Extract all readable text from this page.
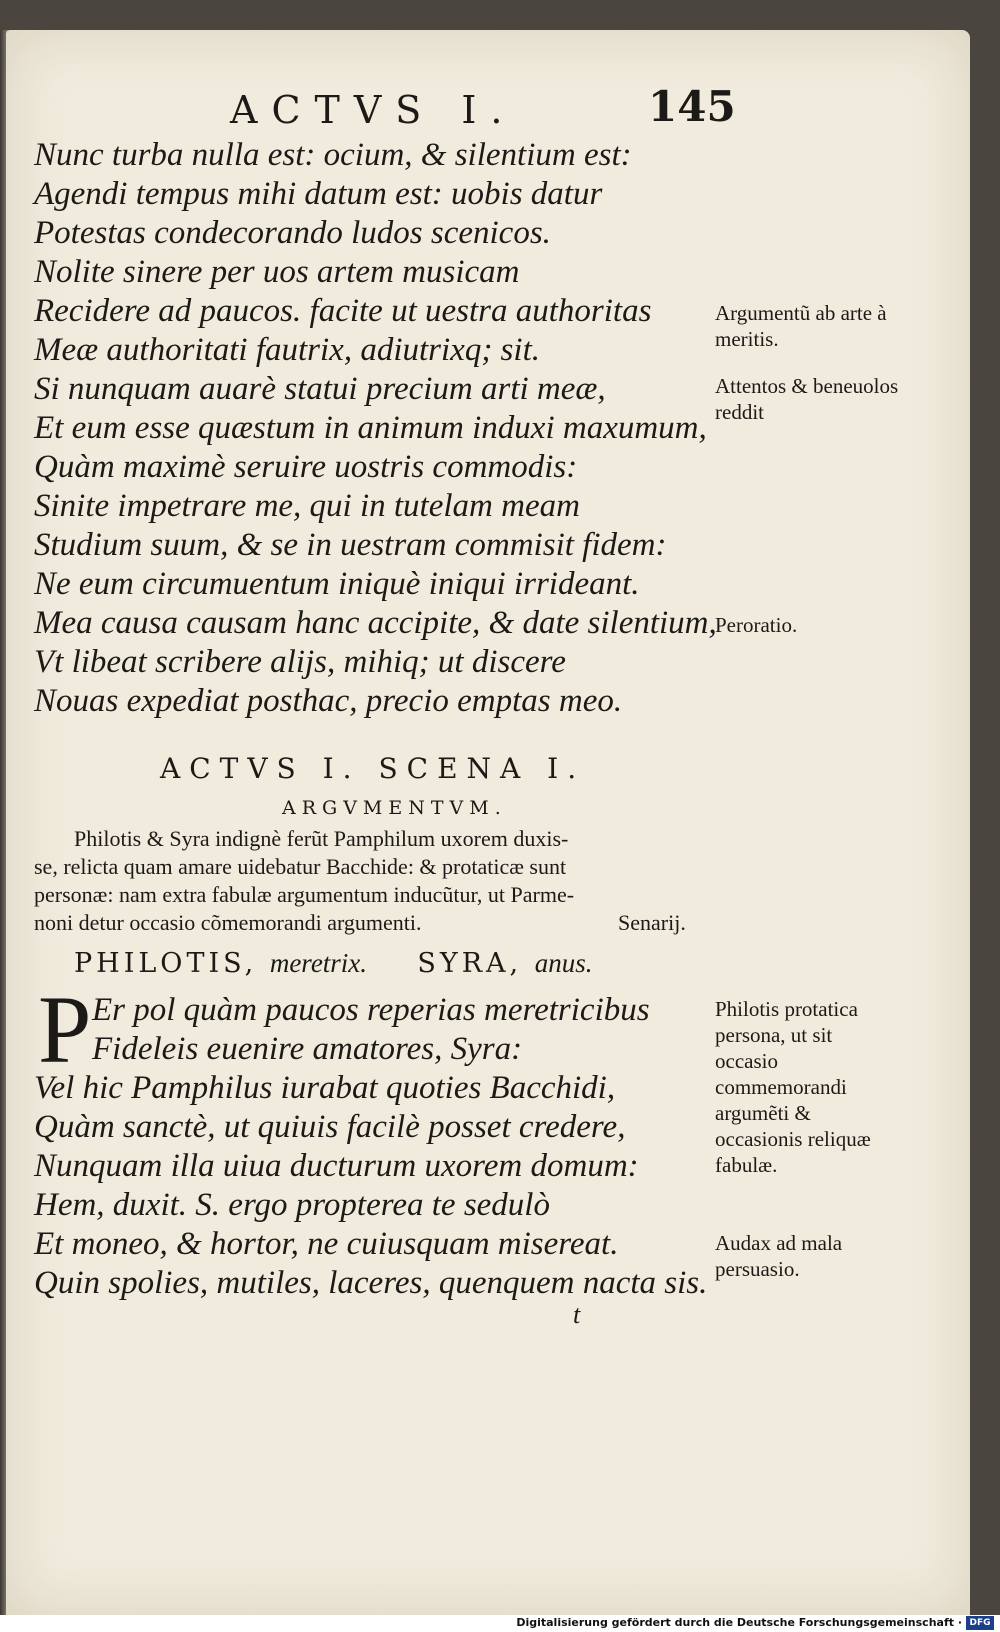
ACTVS I.	145
Nunc turba nulla est: ocium, & silentium est:
Agendi tempus mihi datum est: uobis datur
Potestas condecorando ludos scenicos.
Nolite sinere per uos artem musicam
Recidere ad paucos. facite ut uestra authoritas
Meæ authoritati fautrix, adiutrixq; sit.
Si nunquam auarè statui precium arti meæ,
Et eum esse quæstum in animum induxi maxumum,
Quàm maximè seruire uostris commodis:
Sinite impetrare me, qui in tutelam meam
Studium suum, & se in uestram commisit fidem:
Ne eum circumuentum iniquè iniqui irrideant.
Mea causa causam hanc accipite, & date silentium,
Vt libeat scribere alijs, mihiq; ut discere
Nouas expediat posthac, precio emptas meo.
Argumentũ ab arte à meritis.
Attentos & beneuolos reddit
Peroratio.
ACTVS I. SCENA I.
ARGVMENTVM.
Philotis & Syra indignè ferũt Pamphilum uxorem duxis-
se, relicta quam amare uidebatur Bacchide: & protaticæ sunt
personæ: nam extra fabulæ argumentum inducũtur, ut Parme-
noni detur occasio cõmemorandi argumenti.	Senarij.
PHILOTIS, meretrix. SYRA, anus.
P Er pol quàm paucos reperias meretricibus
Fideleis euenire amatores, Syra:
Vel hic Pamphilus iurabat quoties Bacchidi,
Quàm sanctè, ut quiuis facilè posset credere,
Nunquam illa uiua ducturum uxorem domum:
Hem, duxit. S. ergo propterea te sedulò
Et moneo, & hortor, ne cuiusquam misereat.
Quin spolies, mutiles, laceres, quenquem nacta sis.
Philotis protatica persona, ut sit occasio commemorandi argumẽti & occasionis reliquæ fabulæ.
Audax ad mala persuasio.
t
Digitalisierung gefördert durch die Deutsche Forschungsgemeinschaft · DFG
